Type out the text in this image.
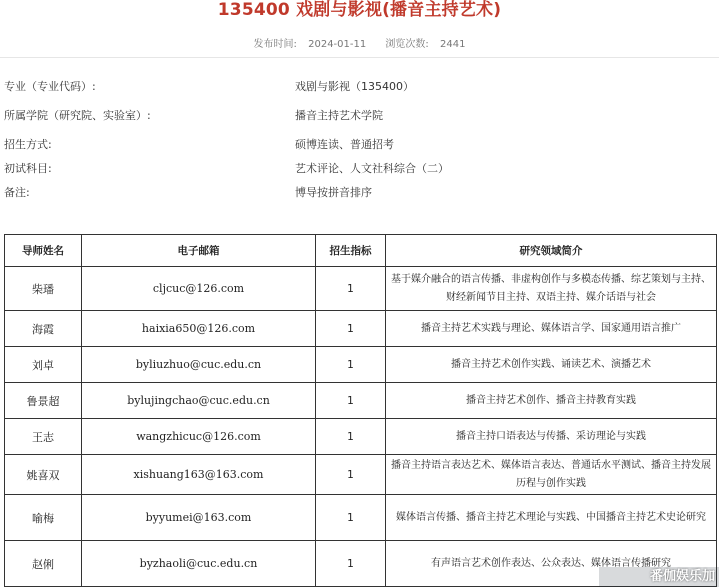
135400 戏剧与影视(播音主持艺术)
发布时间: 2024-01-11 浏览次数: 2441
专业（专业代码）:	戏剧与影视（135400）
所属学院（研究院、实验室）:	播音主持艺术学院
招生方式:	硕博连读、普通招考
初试科目:	艺术评论、人文社科综合（二）
备注:	博导按拼音排序
导师姓名	电子邮箱	招生指标	研究领域简介
柴璠	cljcuc@126.com	1	基于媒介融合的语言传播、非虚构创作与多模态传播、综艺策划与主持、财经新闻节目主持、双语主持、媒介话语与社会
海霞	haixia650@126.com	1	播音主持艺术实践与理论、媒体语言学、国家通用语言推广
刘卓	byliuzhuo@cuc.edu.cn	1	播音主持艺术创作实践、诵读艺术、演播艺术
鲁景超	bylujingchao@cuc.edu.cn	1	播音主持艺术创作、播音主持教育实践
王志	wangzhicuc@126.com	1	播音主持口语表达与传播、采访理论与实践
姚喜双	xishuang163@163.com	1	播音主持语言表达艺术、媒体语言表达、普通话水平测试、播音主持发展历程与创作实践
喻梅	byyumei@163.com	1	媒体语言传播、播音主持艺术理论与实践、中国播音主持艺术史论研究
赵俐	byzhaoli@cuc.edu.cn	1	有声语言艺术创作表达、公众表达、媒体语言传播研究
番伽娱乐加
